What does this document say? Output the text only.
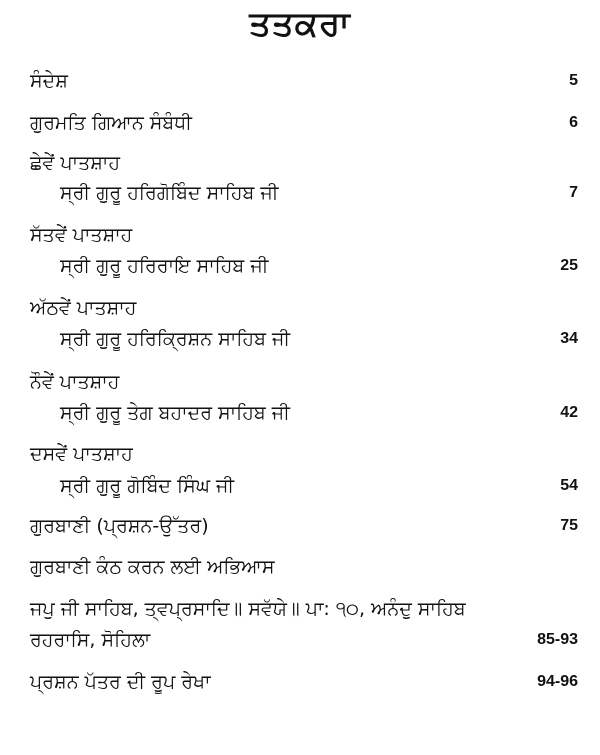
ਤਤਕਰਾ
ਸੰਦੇਸ਼	5
ਗੁਰਮਤਿ ਗਿਆਨ ਸੰਬੰਧੀ	6
ਛੇਵੇਂ ਪਾਤਸ਼ਾਹ
ਸ੍ਰੀ ਗੁਰੂ ਹਰਿਗੋਬਿੰਦ ਸਾਹਿਬ ਜੀ	7
ਸੱਤਵੇਂ ਪਾਤਸ਼ਾਹ
ਸ੍ਰੀ ਗੁਰੂ ਹਰਿਰਾਇ ਸਾਹਿਬ ਜੀ	25
ਅੱਠਵੇਂ ਪਾਤਸ਼ਾਹ
ਸ੍ਰੀ ਗੁਰੂ ਹਰਿਕ੍ਰਿਸ਼ਨ ਸਾਹਿਬ ਜੀ	34
ਨੌਵੇਂ ਪਾਤਸ਼ਾਹ
ਸ੍ਰੀ ਗੁਰੂ ਤੇਗ ਬਹਾਦਰ ਸਾਹਿਬ ਜੀ	42
ਦਸਵੇਂ ਪਾਤਸ਼ਾਹ
ਸ੍ਰੀ ਗੁਰੂ ਗੋਬਿੰਦ ਸਿੰਘ ਜੀ	54
ਗੁਰਬਾਣੀ (ਪ੍ਰਸ਼ਨ-ਉੱਤਰ)	75
ਗੁਰਬਾਣੀ ਕੰਠ ਕਰਨ ਲਈ ਅਭਿਆਸ
ਜਪੁ ਜੀ ਸਾਹਿਬ, ਤ੍ਵਪ੍ਰਸਾਦਿ॥ ਸਵੱਯੇ॥ ਪਾ: ੧੦, ਅਨੰਦੁ ਸਾਹਿਬ
ਰਹਰਾਸਿ, ਸੋਹਿਲਾ	85-93
ਪ੍ਰਸ਼ਨ ਪੱਤਰ ਦੀ ਰੂਪ ਰੇਖਾ	94-96
